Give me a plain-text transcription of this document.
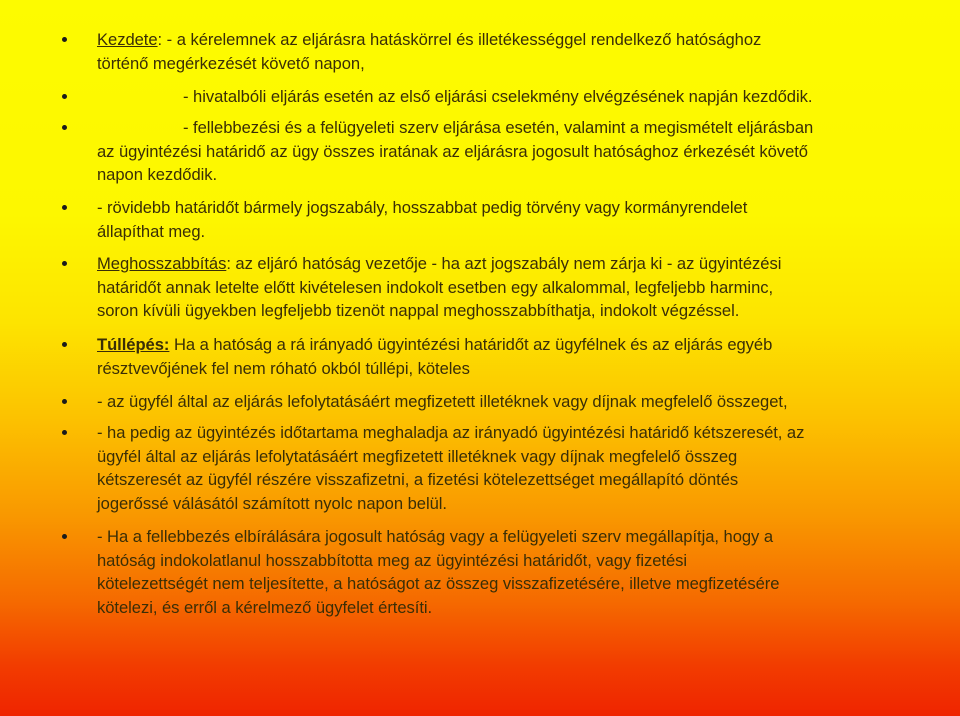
Kezdete: - a kérelemnek az eljárásra hatáskörrel és illetékességgel rendelkező hatósághoz
történő megérkezését követő napon,
- hivatalbóli eljárás esetén az első eljárási cselekmény elvégzésének napján kezdődik.
- fellebbezési és a felügyeleti szerv eljárása esetén, valamint a megismételt eljárásban
az ügyintézési határidő az ügy összes iratának az eljárásra jogosult hatósághoz érkezését követő
napon kezdődik.
- rövidebb határidőt bármely jogszabály, hosszabbat pedig törvény vagy kormányrendelet
állapíthat meg.
Meghosszabbítás: az eljáró hatóság vezetője - ha azt jogszabály nem zárja ki - az ügyintézési
határidőt annak letelte előtt kivételesen indokolt esetben egy alkalommal, legfeljebb harminc,
soron kívüli ügyekben legfeljebb tizenöt nappal meghosszabbíthatja, indokolt végzéssel.
Túllépés: Ha a hatóság a rá irányadó ügyintézési határidőt az ügyfélnek és az eljárás egyéb
résztvevőjének fel nem róható okból túllépi, köteles
- az ügyfél által az eljárás lefolytatásáért megfizetett illetéknek vagy díjnak megfelelő összeget,
- ha pedig az ügyintézés időtartama meghaladja az irányadó ügyintézési határidő kétszeresét, az
ügyfél által az eljárás lefolytatásáért megfizetett illetéknek vagy díjnak megfelelő összeg
kétszeresét az ügyfél részére visszafizetni, a fizetési kötelezettséget megállapító döntés
jogerőssé válásától számított nyolc napon belül.
- Ha a fellebbezés elbírálására jogosult hatóság vagy a felügyeleti szerv megállapítja, hogy a
hatóság indokolatlanul hosszabbította meg az ügyintézési határidőt, vagy fizetési
kötelezettségét nem teljesítette, a hatóságot az összeg visszafizetésére, illetve megfizetésére
kötelezi, és erről a kérelmező ügyfelet értesíti.
